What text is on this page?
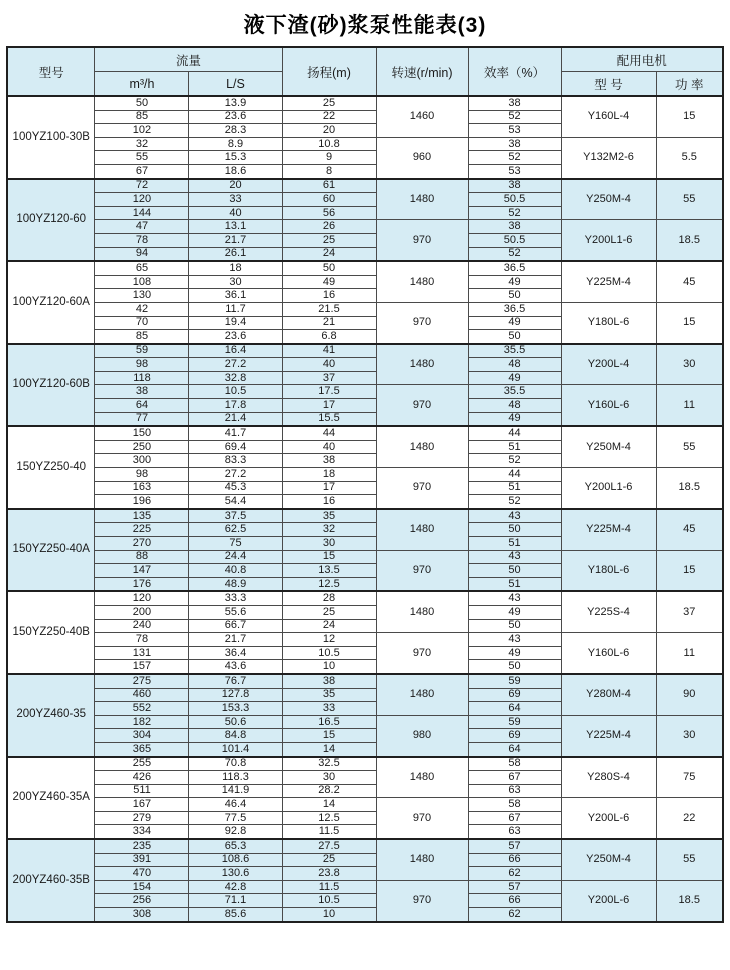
液下渣(砂)浆泵性能表(3)
型号	流量		扬程(m)	转速(r/min)	效率（%）	配用电机	
	m³/h	L/S				型 号	功 率
100YZ100-30B	50	13.9	25	1460	38	Y160L-4	15
	85	23.6	22		52		
	102	28.3	20		53		
	32	8.9	10.8	960	38	Y132M2-6	5.5
	55	15.3	9		52		
	67	18.6	8		53		
100YZ120-60	72	20	61	1480	38	Y250M-4	55
	120	33	60		50.5		
	144	40	56		52		
	47	13.1	26	970	38	Y200L1-6	18.5
	78	21.7	25		50.5		
	94	26.1	24		52		
100YZ120-60A	65	18	50	1480	36.5	Y225M-4	45
	108	30	49		49		
	130	36.1	16		50		
	42	11.7	21.5	970	36.5	Y180L-6	15
	70	19.4	21		49		
	85	23.6	6.8		50		
100YZ120-60B	59	16.4	41	1480	35.5	Y200L-4	30
	98	27.2	40		48		
	118	32.8	37		49		
	38	10.5	17.5	970	35.5	Y160L-6	11
	64	17.8	17		48		
	77	21.4	15.5		49		
150YZ250-40	150	41.7	44	1480	44	Y250M-4	55
	250	69.4	40		51		
	300	83.3	38		52		
	98	27.2	18	970	44	Y200L1-6	18.5
	163	45.3	17		51		
	196	54.4	16		52		
150YZ250-40A	135	37.5	35	1480	43	Y225M-4	45
	225	62.5	32		50		
	270	75	30		51		
	88	24.4	15	970	43	Y180L-6	15
	147	40.8	13.5		50		
	176	48.9	12.5		51		
150YZ250-40B	120	33.3	28	1480	43	Y225S-4	37
	200	55.6	25		49		
	240	66.7	24		50		
	78	21.7	12	970	43	Y160L-6	11
	131	36.4	10.5		49		
	157	43.6	10		50		
200YZ460-35	275	76.7	38	1480	59	Y280M-4	90
	460	127.8	35		69		
	552	153.3	33		64		
	182	50.6	16.5	980	59	Y225M-4	30
	304	84.8	15		69		
	365	101.4	14		64		
200YZ460-35A	255	70.8	32.5	1480	58	Y280S-4	75
	426	118.3	30		67		
	511	141.9	28.2		63		
	167	46.4	14	970	58	Y200L-6	22
	279	77.5	12.5		67		
	334	92.8	11.5		63		
200YZ460-35B	235	65.3	27.5	1480	57	Y250M-4	55
	391	108.6	25		66		
	470	130.6	23.8		62		
	154	42.8	11.5	970	57	Y200L-6	18.5
	256	71.1	10.5		66		
	308	85.6	10		62		
